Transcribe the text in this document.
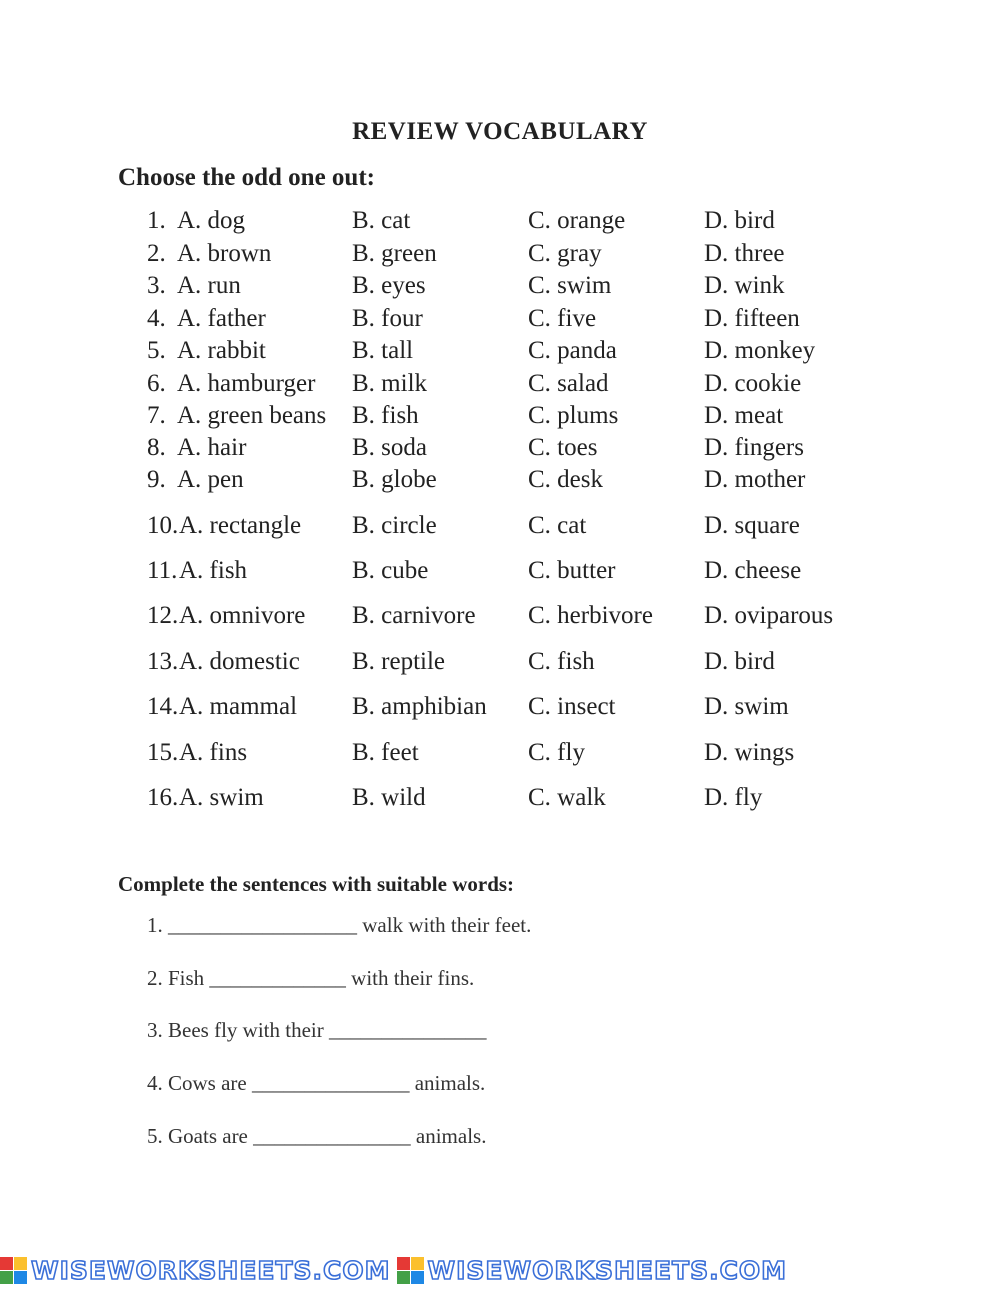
REVIEW VOCABULARY
Choose the odd one out:
1. A. dog	B. cat	C. orange	D. bird
2. A. brown	B. green	C. gray	D. three
3. A. run	B. eyes	C. swim	D. wink
4. A. father	B. four	C. five	D. fifteen
5. A. rabbit	B. tall	C. panda	D. monkey
6. A. hamburger B. milk	C. salad	D. cookie
7. A. green beans B. fish	C. plums	D. meat
8. A. hair	B. soda	C. toes	D. fingers
9. A. pen	B. globe	C. desk	D. mother
10. A. rectangle B. circle	C. cat	D. square
11. A. fish	B. cube	C. butter	D. cheese
12. A. omnivore B. carnivore C. herbivore D. oviparous
13. A. domestic B. reptile	C. fish	D. bird
14. A. mammal B. amphibian C. insect	D. swim
15. A. fins	B. feet	C. fly	D. wings
16. A. swim	B. wild	C. walk	D. fly
Complete the sentences with suitable words:
1. __________________ walk with their feet.
2. Fish _____________ with their fins.
3. Bees fly with their _______________
4. Cows are _______________ animals.
5. Goats are _______________ animals.
WISEWORKSHEETS.COM WISEWORKSHEETS.COM
